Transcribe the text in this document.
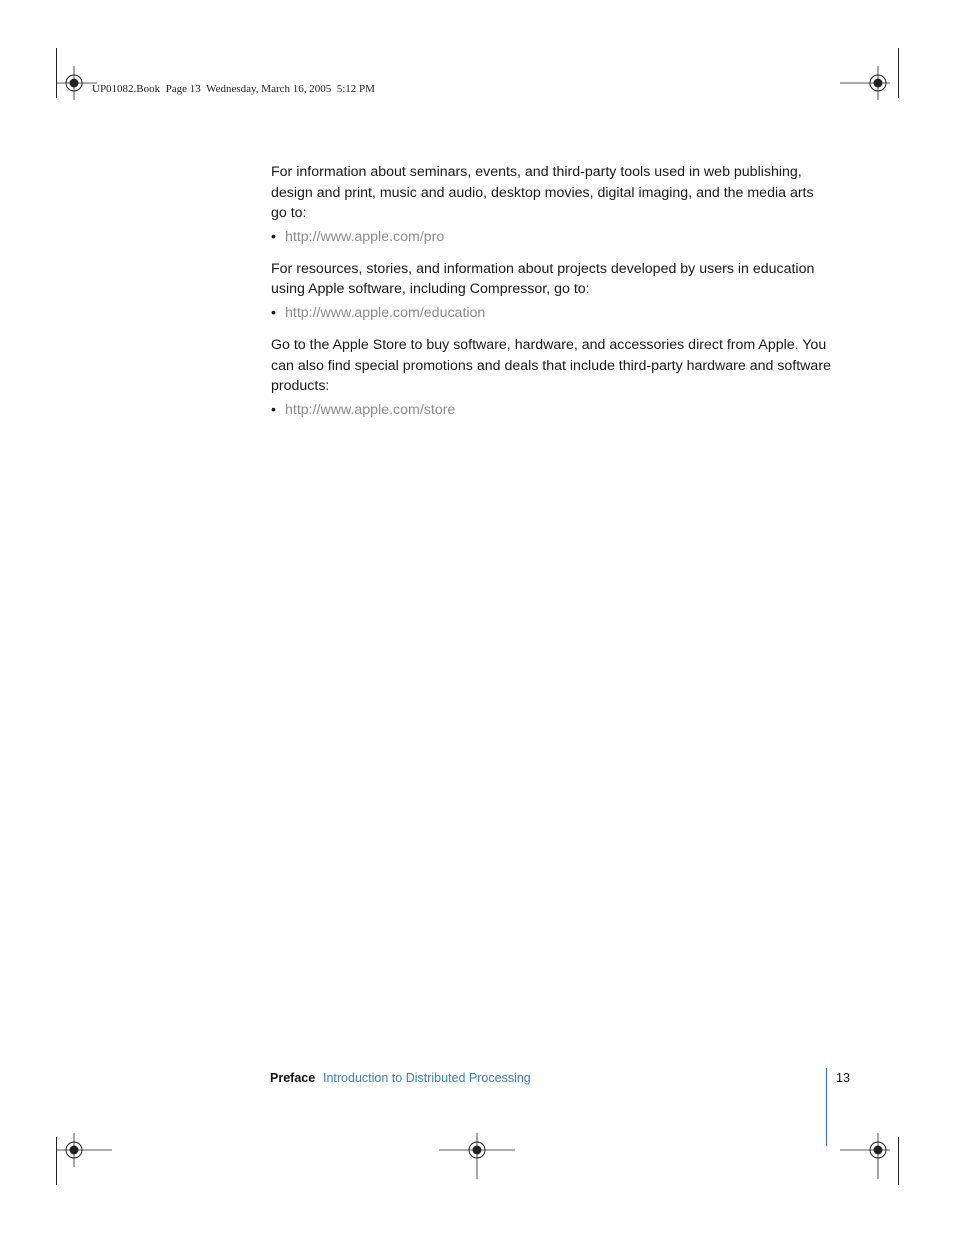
UP01082.Book  Page 13  Wednesday, March 16, 2005  5:12 PM

For information about seminars, events, and third-party tools used in web publishing, design and print, music and audio, desktop movies, digital imaging, and the media arts go to:

• http://www.apple.com/pro

For resources, stories, and information about projects developed by users in education using Apple software, including Compressor, go to:

• http://www.apple.com/education

Go to the Apple Store to buy software, hardware, and accessories direct from Apple. You can also find special promotions and deals that include third-party hardware and software products:

• http://www.apple.com/store
Preface Introduction to Distributed Processing	13
